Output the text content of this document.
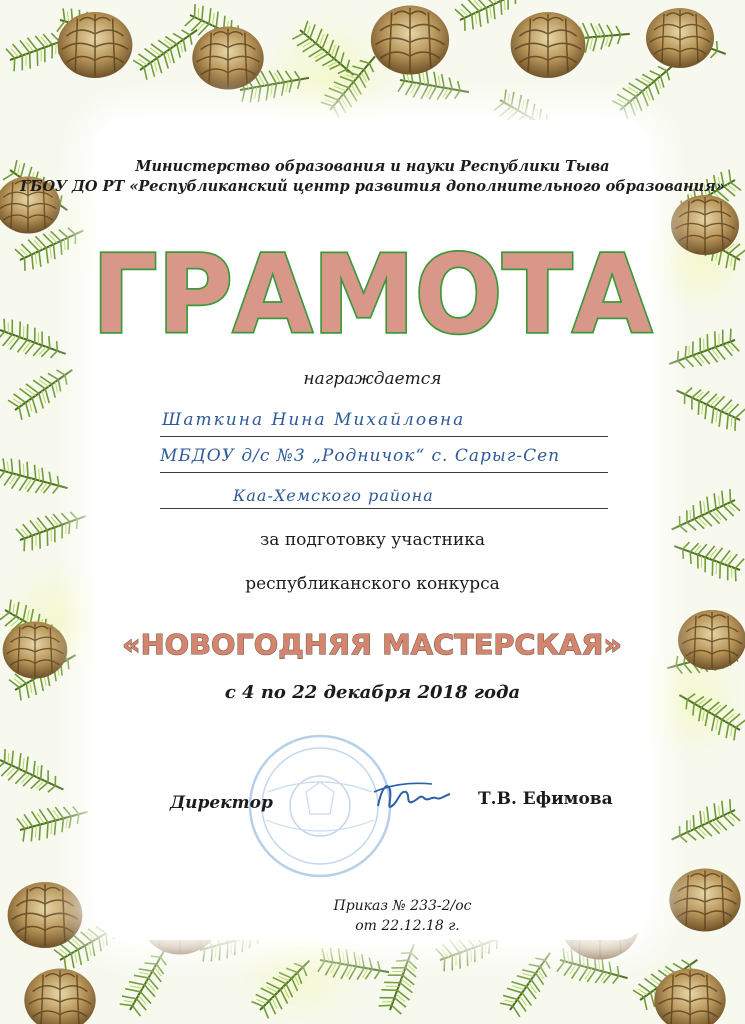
Министерство образования и науки Республики Тыва
ГБОУ ДО РТ «Республиканский центр развития дополнительного образования»
ГРАМОТА
награждается
Шаткина Нина Михайловна
МБДОУ д/с №3 „Родничок“ с. Сарыг-Сеп
Каа-Хемского района
за подготовку участника
республиканского конкурса
«НОВОГОДНЯЯ МАСТЕРСКАЯ»
с 4 по 22 декабря 2018 года
Директор	Т.В. Ефимова
Приказ № 233-2/ос
от 22.12.18 г.
